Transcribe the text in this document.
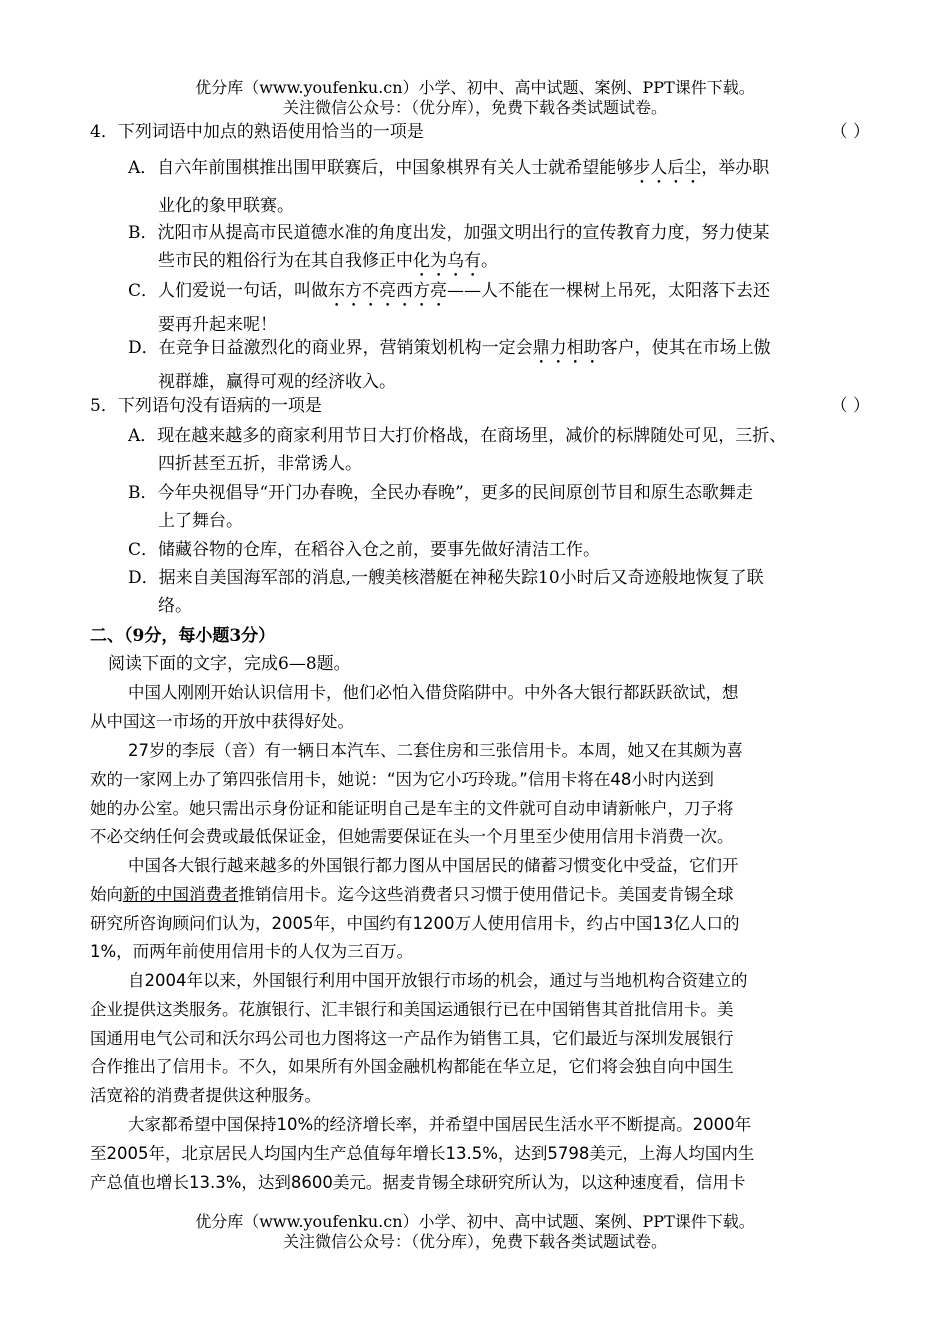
优分库（www.youfenku.cn）小学、初中、高中试题、案例、PPT课件下载。
关注微信公众号：（优分库），免费下载各类试题试卷。
4．下列词语中加点的熟语使用恰当的一项是	（ ）
A．自六年前围棋推出围甲联赛后，中国象棋界有关人士就希望能够步人后尘，举办职
业化的象甲联赛。
B．沈阳市从提高市民道德水准的角度出发，加强文明出行的宣传教育力度，努力使某
些市民的粗俗行为在其自我修正中化为乌有。
C．人们爱说一句话，叫做东方不亮西方亮——人不能在一棵树上吊死，太阳落下去还
要再升起来呢！
D．在竞争日益激烈化的商业界，营销策划机构一定会鼎力相助客户，使其在市场上傲
视群雄，赢得可观的经济收入。
5．下列语句没有语病的一项是	（ ）
A．现在越来越多的商家利用节日大打价格战，在商场里，减价的标牌随处可见，三折、
四折甚至五折，非常诱人。
B．今年央视倡导“开门办春晚，全民办春晚”，更多的民间原创节目和原生态歌舞走
上了舞台。
C．储藏谷物的仓库，在稻谷入仓之前，要事先做好清洁工作。
D．据来自美国海军部的消息,一艘美核潜艇在神秘失踪10小时后又奇迹般地恢复了联
络。
二、（9分，每小题3分）
阅读下面的文字，完成6—8题。
中国人刚刚开始认识信用卡，他们必怕入借贷陷阱中。中外各大银行都跃跃欲试，想
从中国这一市场的开放中获得好处。
27岁的李辰（音）有一辆日本汽车、二套住房和三张信用卡。本周，她又在其颇为喜
欢的一家网上办了第四张信用卡，她说：“因为它小巧玲珑。”信用卡将在48小时内送到
她的办公室。她只需出示身份证和能证明自己是车主的文件就可自动申请新帐户，刀子将
不必交纳任何会费或最低保证金，但她需要保证在头一个月里至少使用信用卡消费一次。
中国各大银行越来越多的外国银行都力图从中国居民的储蓄习惯变化中受益，它们开
始向新的中国消费者推销信用卡。迄今这些消费者只习惯于使用借记卡。美国麦肯锡全球
研究所咨询顾问们认为，2005年，中国约有1200万人使用信用卡，约占中国13亿人口的
1%，而两年前使用信用卡的人仅为三百万。
自2004年以来，外国银行利用中国开放银行市场的机会，通过与当地机构合资建立的
企业提供这类服务。花旗银行、汇丰银行和美国运通银行已在中国销售其首批信用卡。美
国通用电气公司和沃尔玛公司也力图将这一产品作为销售工具，它们最近与深圳发展银行
合作推出了信用卡。不久，如果所有外国金融机构都能在华立足，它们将会独自向中国生
活宽裕的消费者提供这种服务。
大家都希望中国保持10%的经济增长率，并希望中国居民生活水平不断提高。2000年
至2005年，北京居民人均国内生产总值每年增长13.5%，达到5798美元，上海人均国内生
产总值也增长13.3%，达到8600美元。据麦肯锡全球研究所认为，以这种速度看，信用卡
优分库（www.youfenku.cn）小学、初中、高中试题、案例、PPT课件下载。
关注微信公众号：（优分库），免费下载各类试题试卷。
